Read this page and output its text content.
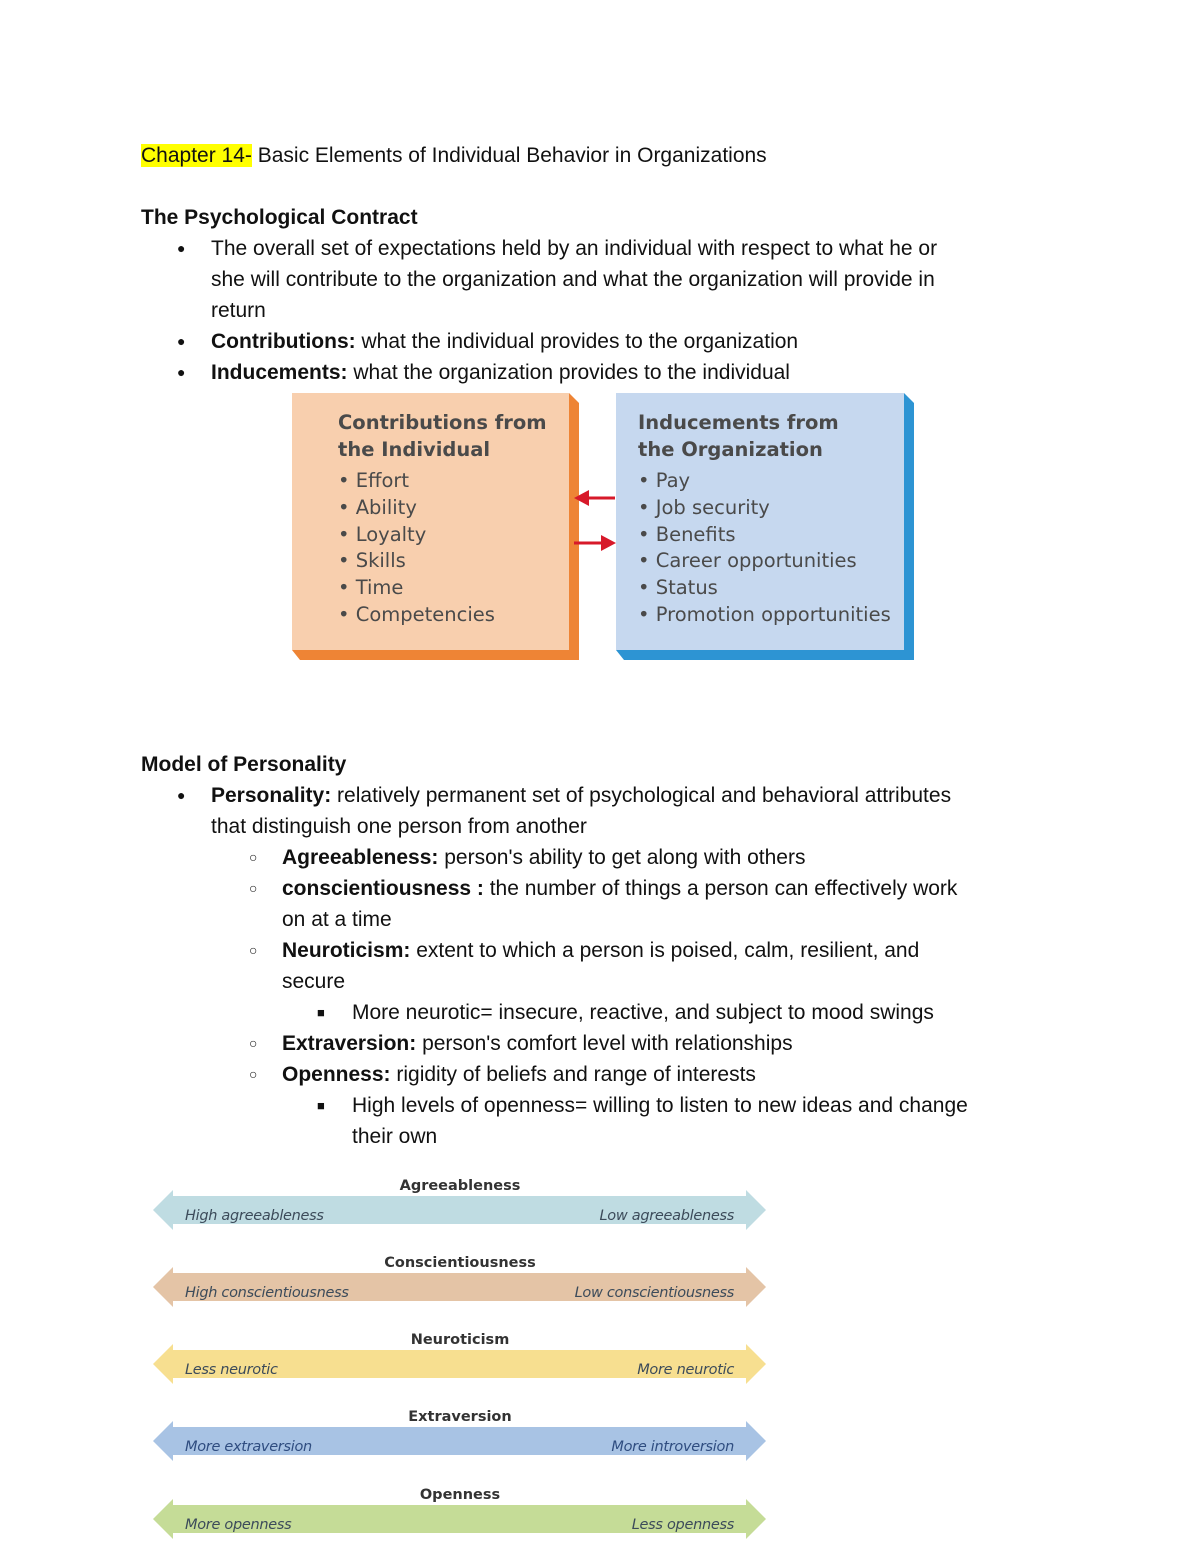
Chapter 14- Basic Elements of Individual Behavior in Organizations
The Psychological Contract
● The overall set of expectations held by an individual with respect to what he or
she will contribute to the organization and what the organization will provide in
return
● Contributions: what the individual provides to the organization
● Inducements: what the organization provides to the individual
Contributions from
the Individual
• Effort
• Ability
• Loyalty
• Skills
• Time
• Competencies
Inducements from
the Organization
• Pay
• Job security
• Benefits
• Career opportunities
• Status
• Promotion opportunities
Model of Personality
● Personality: relatively permanent set of psychological and behavioral attributes
that distinguish one person from another
○ Agreeableness: person's ability to get along with others
○ conscientiousness : the number of things a person can effectively work
on at a time
○ Neuroticism: extent to which a person is poised, calm, resilient, and
secure
■ More neurotic= insecure, reactive, and subject to mood swings
○ Extraversion: person's comfort level with relationships
○ Openness: rigidity of beliefs and range of interests
■ High levels of openness= willing to listen to new ideas and change
their own
Agreeableness
High agreeableness	Low agreeableness
Conscientiousness
High conscientiousness	Low conscientiousness
Neuroticism
Less neurotic	More neurotic
Extraversion
More extraversion	More introversion
Openness
More openness	Less openness
